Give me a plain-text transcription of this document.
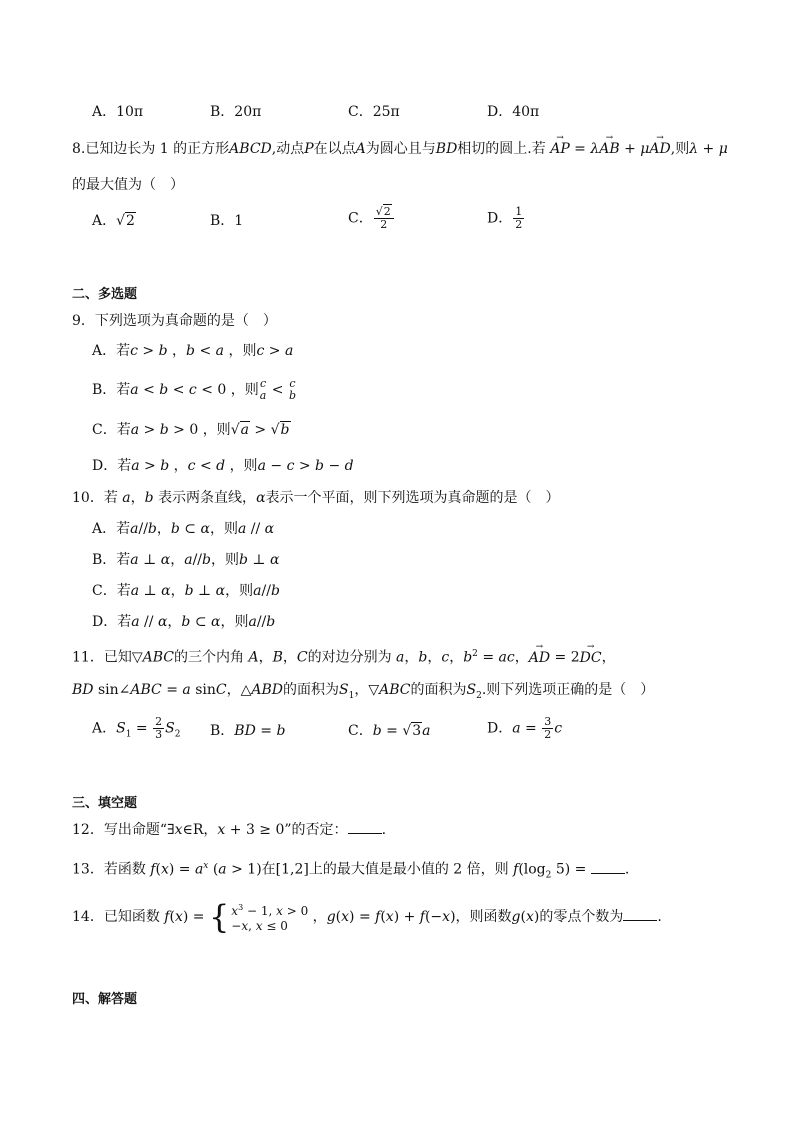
A．10π	B．20π	C．25π	D．40π
8.已知边长为 1 的正方形ABCD,动点P在以点A为圆心且与BD相切的圆上.若 → AP = λ→ AB + μ→ AD,则λ + μ
的最大值为（　）
A．√2	B．1	C． $\frac{√2}{2}$	D． $\frac{1}{2}$
二、多选题
9．下列选项为真命题的是（　）
A．若c > b ，b < a ，则c > a
B．若a < b < c < 0 ，则 c
a < c
b
C．若a > b > 0 ，则√a > √b
D．若a > b ，c < d ，则a − c > b − d
10．若 a，b 表示两条直线，α表示一个平面，则下列选项为真命题的是（　）
A．若a//b，b ⊂ α，则a // α
B．若a ⊥ α，a//b，则b ⊥ α
C．若a ⊥ α，b ⊥ α，则a//b
D．若a // α，b ⊂ α，则a//b
11．已知▽ABC的三个内角 A，B，C的对边分别为 a，b，c，$b^2$ = ac，→ AD = 2→ DC，
BD sin∠ABC = a sinC，△ABD的面积为$S_1$，▽ABC的面积为$S_2$.则下列选项正确的是（　）
A．$S_1 = \frac{2}{3} S_2$ B．BD = b	C．b = √3a	D．$a = \frac{3}{2}$ c
三、填空题
12．写出命题“∃x∈R，x + 3 ≥ 0”的否定： .
13．若函数 $f(x) = a^x$ (a > 1)在[1,2]上的最大值是最小值的 2 倍，则 $f(\log_2$ 5) = .
14．已知函数 f(x) = { $x^3 - 1$, x > 0
−x, x ≤ 0
，g(x) = f(x) + f(−x)，则函数g(x)的零点个数为 .
四、解答题
